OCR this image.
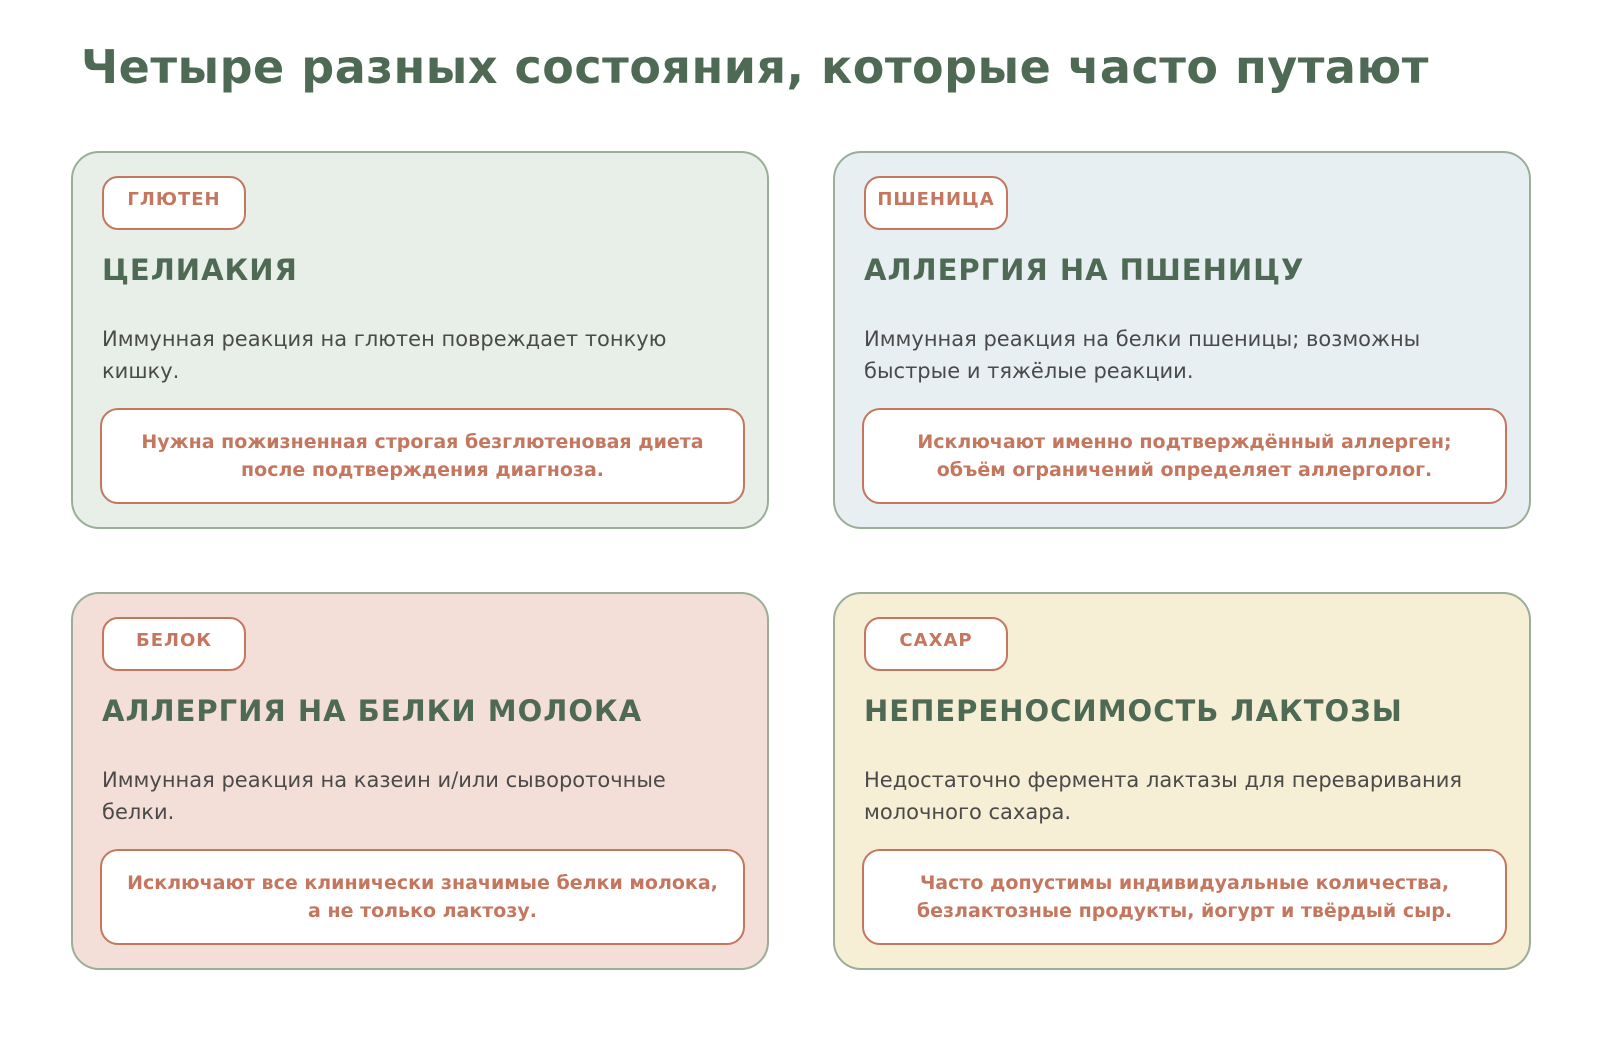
Четыре разных состояния, которые часто путают
ГЛЮТЕН
ЦЕЛИАКИЯ

Иммунная реакция на глютен повреждает тонкую кишку.

Нужна пожизненная строгая безглютеновая диета после подтверждения диагноза.
ПШЕНИЦА
АЛЛЕРГИЯ НА ПШЕНИЦУ

Иммунная реакция на белки пшеницы; возможны быстрые и тяжёлые реакции.

Исключают именно подтверждённый аллерген; объём ограничений определяет аллерголог.
БЕЛОК
АЛЛЕРГИЯ НА БЕЛКИ МОЛОКА

Иммунная реакция на казеин и/или сывороточные белки.

Исключают все клинически значимые белки молока, а не только лактозу.
САХАР
НЕПЕРЕНОСИМОСТЬ ЛАКТОЗЫ

Недостаточно фермента лактазы для переваривания молочного сахара.

Часто допустимы индивидуальные количества, безлактозные продукты, йогурт и твёрдый сыр.
